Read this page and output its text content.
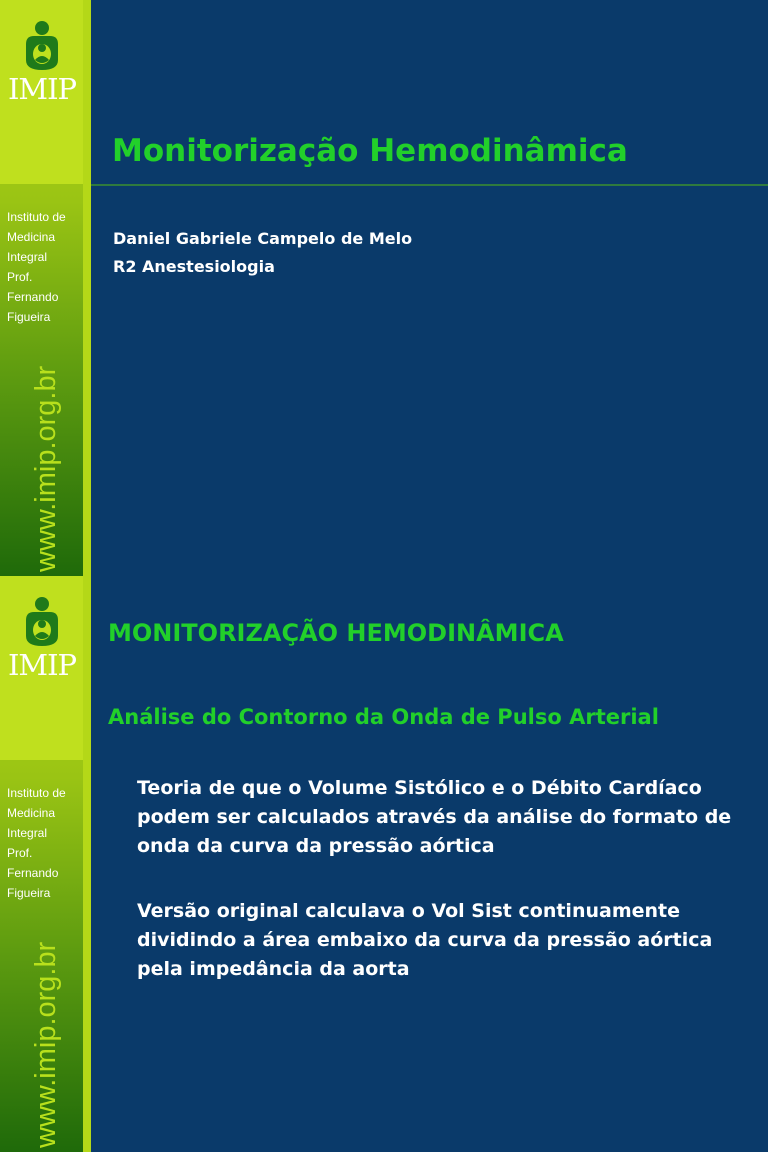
IMIP
Instituto de
Medicina
Integral
Prof. Fernando
Figueira
www.imip.org.br
Monitorização Hemodinâmica
Daniel Gabriele Campelo de Melo
R2 Anestesiologia
IMIP
Instituto de
Medicina
Integral
Prof. Fernando
Figueira
www.imip.org.br
MONITORIZAÇÃO HEMODINÂMICA
Análise do Contorno da Onda de Pulso Arterial
Teoria de que o Volume Sistólico e o Débito Cardíaco podem ser calculados através da análise do formato de onda da curva da pressão aórtica
Versão original calculava o Vol Sist continuamente dividindo a área embaixo da curva da pressão aórtica pela impedância da aorta
